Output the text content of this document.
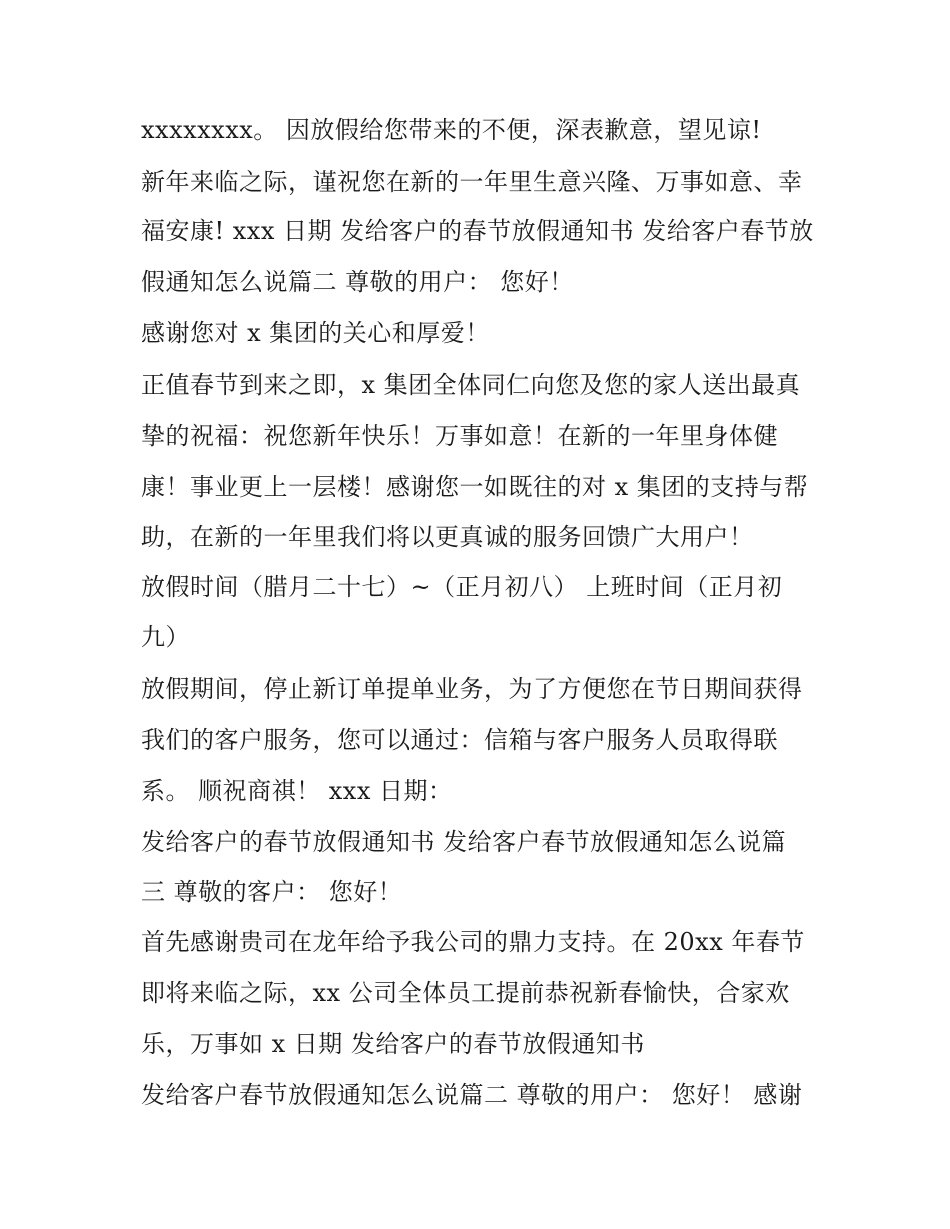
xxxxxxxx。 因放假给您带来的不便，深表歉意，望见谅!
新年来临之际，谨祝您在新的一年里生意兴隆、万事如意、幸
福安康! xxx 日期 发给客户的春节放假通知书 发给客户春节放
假通知怎么说篇二 尊敬的用户： 您好！
感谢您对 x 集团的关心和厚爱！
正值春节到来之即，x 集团全体同仁向您及您的家人送出最真
挚的祝福：祝您新年快乐！万事如意！在新的一年里身体健
康！事业更上一层楼！感谢您一如既往的对 x 集团的支持与帮
助，在新的一年里我们将以更真诚的服务回馈广大用户！
放假时间（腊月二十七）~（正月初八） 上班时间（正月初
九）
放假期间，停止新订单提单业务，为了方便您在节日期间获得
我们的客户服务，您可以通过：信箱与客户服务人员取得联
系。 顺祝商祺！ xxx 日期：
发给客户的春节放假通知书 发给客户春节放假通知怎么说篇
三 尊敬的客户： 您好！
首先感谢贵司在龙年给予我公司的鼎力支持。在 20xx 年春节
即将来临之际，xx 公司全体员工提前恭祝新春愉快，合家欢
乐，万事如 x 日期 发给客户的春节放假通知书
发给客户春节放假通知怎么说篇二 尊敬的用户： 您好！ 感谢
